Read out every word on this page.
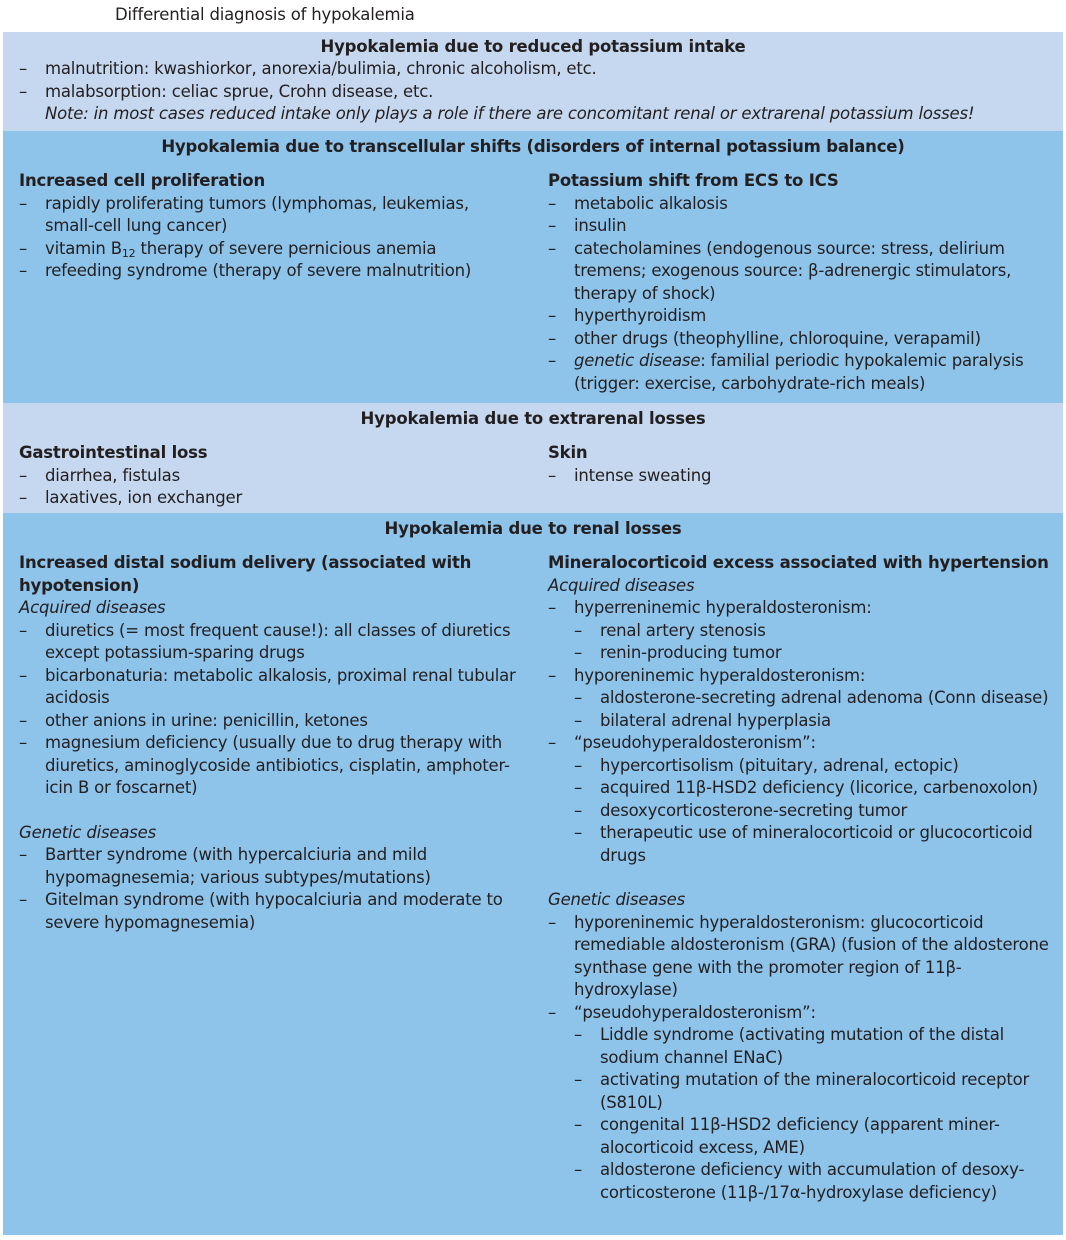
Differential diagnosis of hypokalemia
Hypokalemia due to reduced potassium intake
– malnutrition: kwashiorkor, anorexia/bulimia, chronic alcoholism, etc.
– malabsorption: celiac sprue, Crohn disease, etc.
Note: in most cases reduced intake only plays a role if there are concomitant renal or extrarenal potassium losses!
Hypokalemia due to transcellular shifts (disorders of internal potassium balance)
Increased cell proliferation
– rapidly proliferating tumors (lymphomas, leukemias, small-cell lung cancer)
– vitamin $B_{12}$ therapy of severe pernicious anemia
– refeeding syndrome (therapy of severe malnutrition)
Potassium shift from ECS to ICS
– metabolic alkalosis
– insulin
– catecholamines (endogenous source: stress, delirium tremens; exogenous source: β-adrenergic stimulators, therapy of shock)
– hyperthyroidism
– other drugs (theophylline, chloroquine, verapamil)
– genetic disease: familial periodic hypokalemic paralysis (trigger: exercise, carbohydrate-rich meals)
Hypokalemia due to extrarenal losses
Gastrointestinal loss
– diarrhea, fistulas
– laxatives, ion exchanger
Skin
– intense sweating
Hypokalemia due to renal losses
Increased distal sodium delivery (associated with hypotension)
Acquired diseases
– diuretics (= most frequent cause!): all classes of diuretics except potassium-sparing drugs
– bicarbonaturia: metabolic alkalosis, proximal renal tubular acidosis
– other anions in urine: penicillin, ketones
– magnesium deficiency (usually due to drug therapy with diuretics, aminoglycoside antibiotics, cisplatin, amphoter-icin B or foscarnet)
Genetic diseases
– Bartter syndrome (with hypercalciuria and mild hypomagnesemia; various subtypes/mutations)
– Gitelman syndrome (with hypocalciuria and moderate to severe hypomagnesemia)
Mineralocorticoid excess associated with hypertension
Acquired diseases
– hyperreninemic hyperaldosteronism:
– renal artery stenosis
– renin-producing tumor
– hyporeninemic hyperaldosteronism:
– aldosterone-secreting adrenal adenoma (Conn disease)
– bilateral adrenal hyperplasia
– “pseudohyperaldosteronism”:
– hypercortisolism (pituitary, adrenal, ectopic)
– acquired 11β-HSD2 deficiency (licorice, carbenoxolon)
– desoxycorticosterone-secreting tumor
– therapeutic use of mineralocorticoid or glucocorticoid drugs
Genetic diseases
– hyporeninemic hyperaldosteronism: glucocorticoid remediable aldosteronism (GRA) (fusion of the aldosterone synthase gene with the promoter region of 11β-hydroxylase)
– “pseudohyperaldosteronism”:
– Liddle syndrome (activating mutation of the distal sodium channel ENaC)
– activating mutation of the mineralocorticoid receptor (S810L)
– congenital 11β-HSD2 deficiency (apparent miner-alocorticoid excess, AME)
– aldosterone deficiency with accumulation of desoxy-corticosterone (11β-/17α-hydroxylase deficiency)
